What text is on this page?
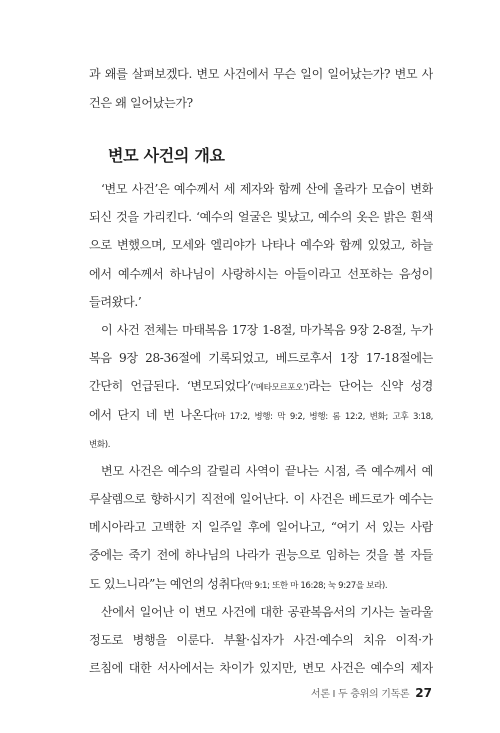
과 왜를 살펴보겠다. 변모 사건에서 무슨 일이 일어났는가? 변모 사
건은 왜 일어났는가?
변모 사건의 개요
‘변모 사건’은 예수께서 세 제자와 함께 산에 올라가 모습이 변화
되신 것을 가리킨다. ‘예수의 얼굴은 빛났고, 예수의 옷은 밝은 흰색
으로 변했으며, 모세와 엘리야가 나타나 예수와 함께 있었고, 하늘
에서 예수께서 하나님이 사랑하시는 아들이라고 선포하는 음성이
들려왔다.’
이 사건 전체는 마태복음 17장 1-8절, 마가복음 9장 2-8절, 누가
복음 9장 28-36절에 기록되었고, 베드로후서 1장 17-18절에는
간단히 언급된다. ‘변모되었다’(‘메타모르포오’)라는 단어는 신약 성경
에서 단지 네 번 나온다(마 17:2, 병행: 막 9:2, 병행: 롬 12:2, 변화; 고후 3:18,
변화).
변모 사건은 예수의 갈릴리 사역이 끝나는 시점, 즉 예수께서 예
루살렘으로 향하시기 직전에 일어난다. 이 사건은 베드로가 예수는
메시아라고 고백한 지 일주일 후에 일어나고, “여기 서 있는 사람
중에는 죽기 전에 하나님의 나라가 권능으로 임하는 것을 볼 자들
도 있느니라”는 예언의 성취다(막 9:1; 또한 마 16:28; 눅 9:27을 보라).
산에서 일어난 이 변모 사건에 대한 공관복음서의 기사는 놀라울
정도로 병행을 이룬다. 부활·십자가 사건·예수의 치유 이적·가
르침에 대한 서사에서는 차이가 있지만, 변모 사건은 예수의 제자
서론 I 두 층위의 기독론 27
